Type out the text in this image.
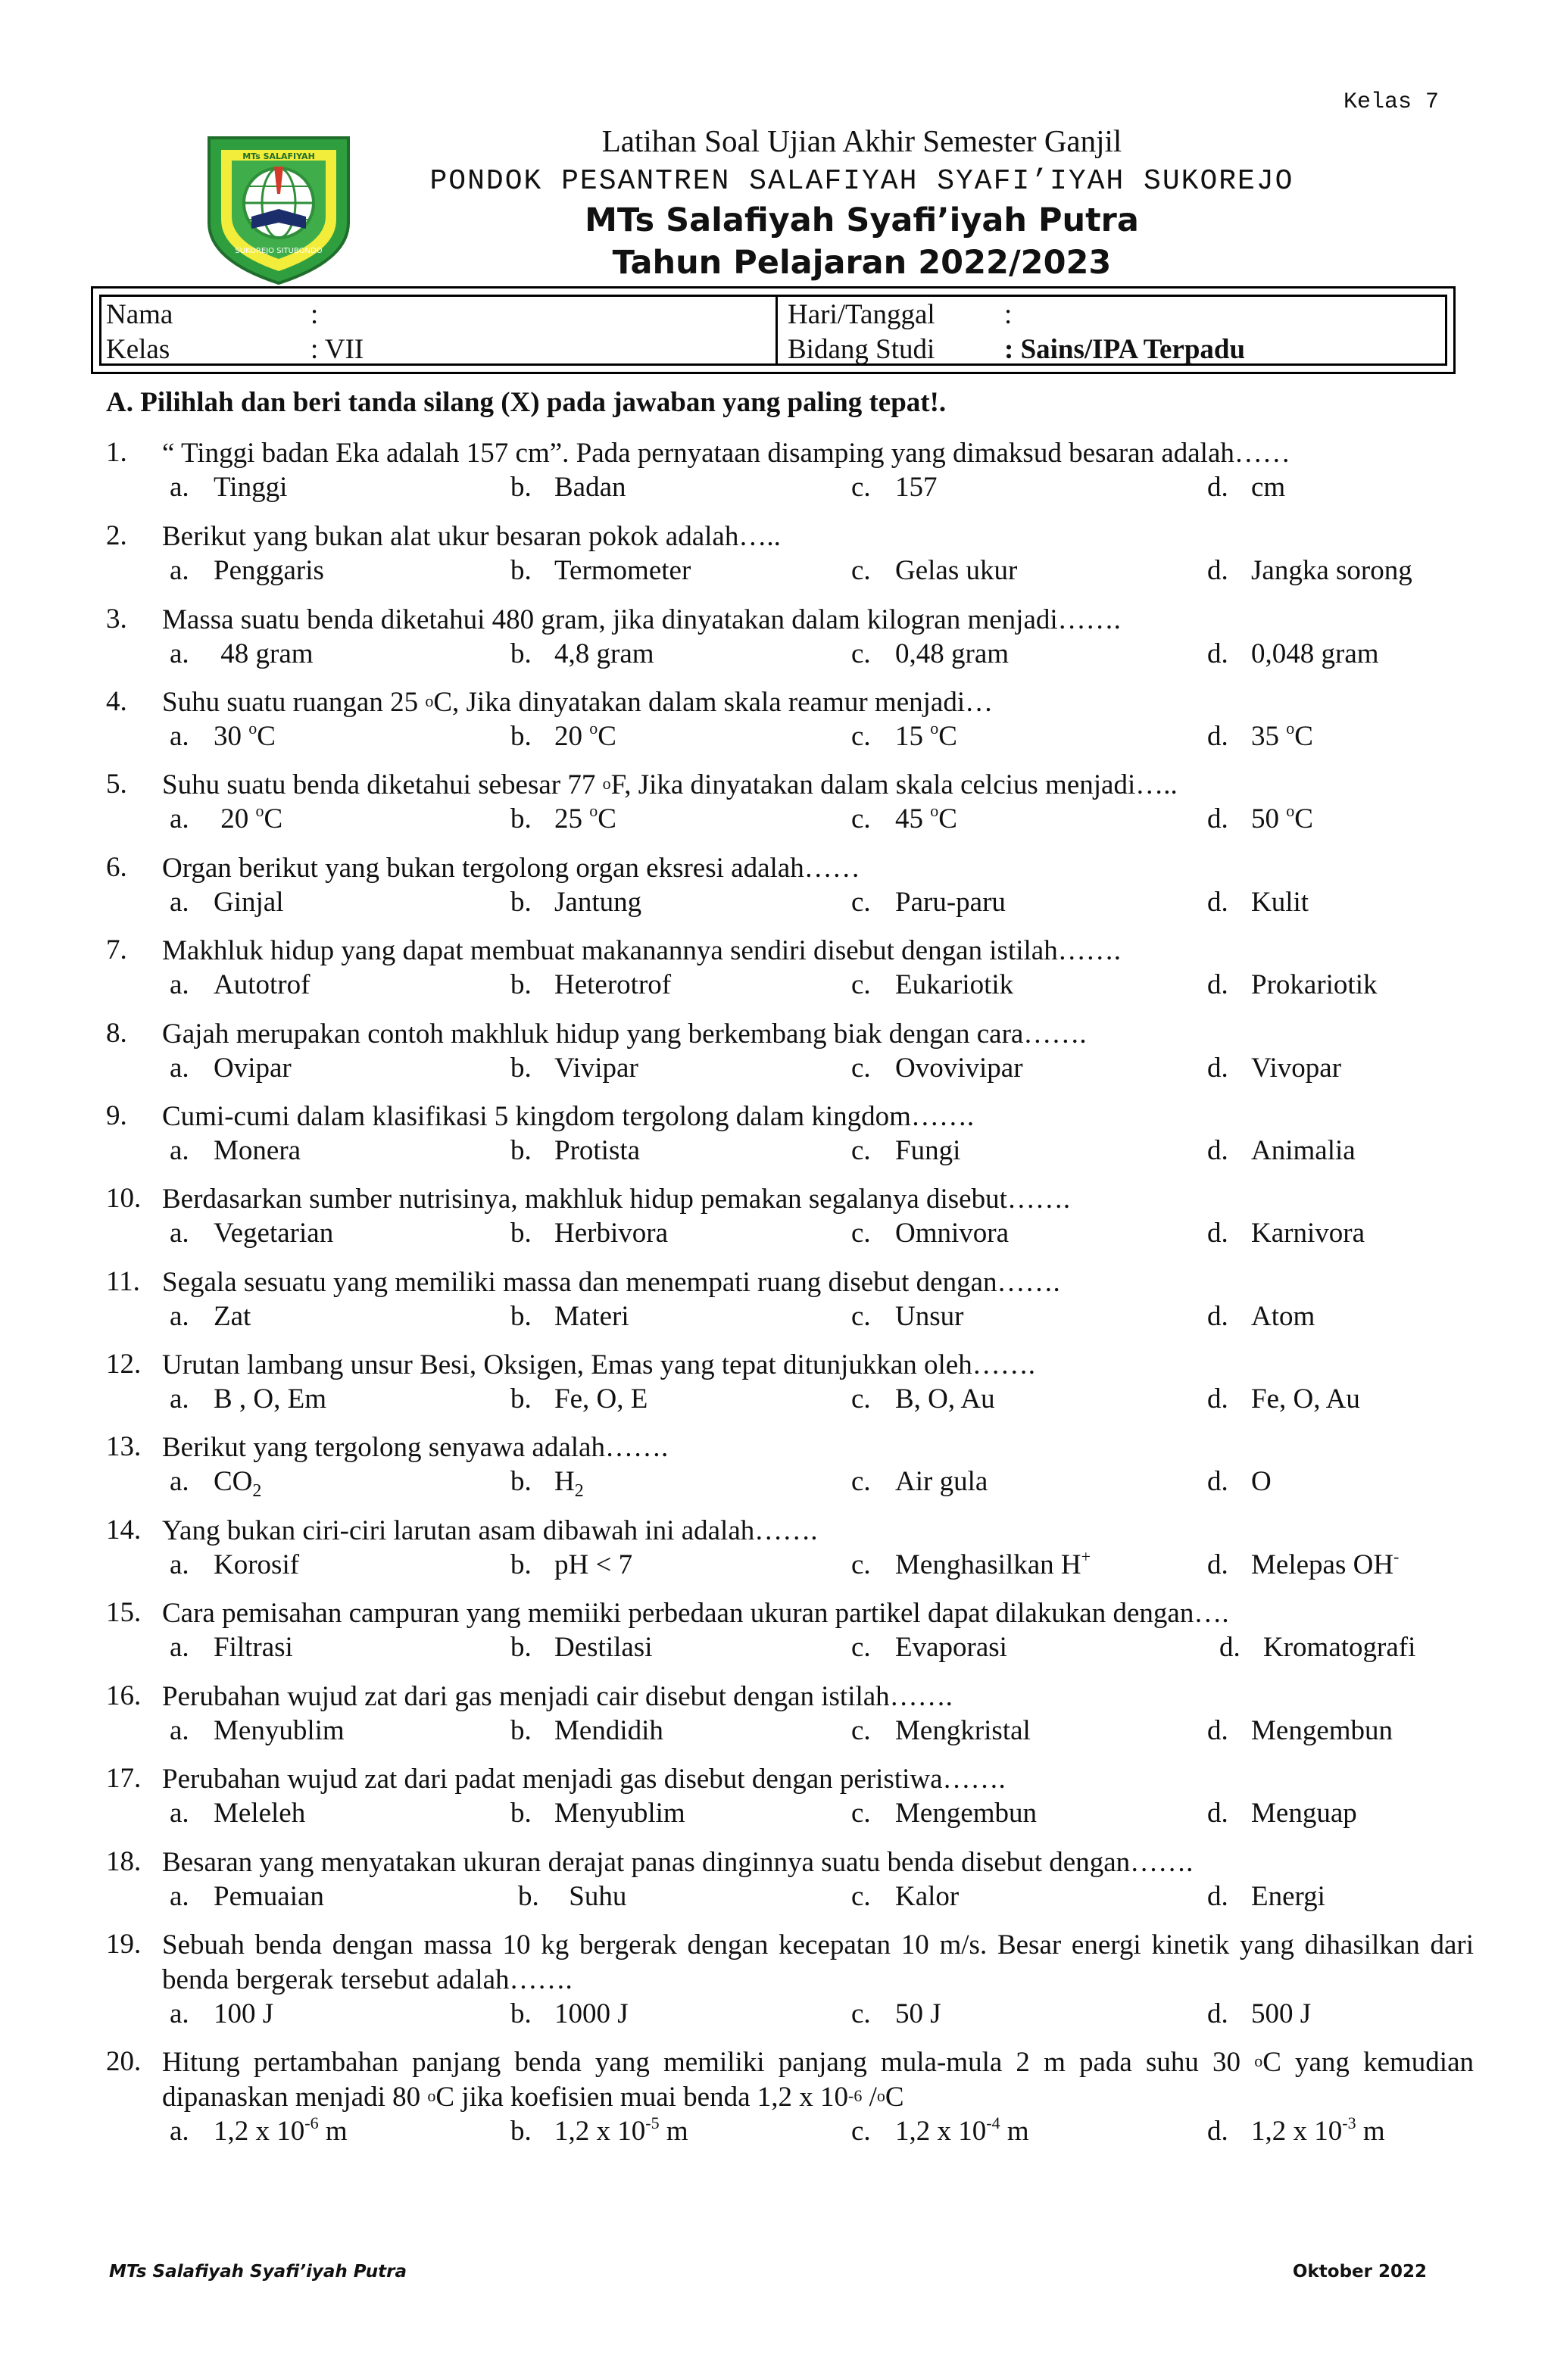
Kelas 7
MTs SALAFIYAH
SUKOREJO SITUBONDO
Latihan Soal Ujian Akhir Semester Ganjil
PONDOK PESANTREN SALAFIYAH SYAFI’IYAH SUKOREJO
MTs Salafiyah Syafi’iyah Putra
Tahun Pelajaran 2022/2023
Nama	:	Hari/Tanggal :
Kelas	: VII	Bidang Studi : Sains/IPA Terpadu
A. Pilihlah dan beri tanda silang (X) pada jawaban yang paling tepat!.
1. “ Tinggi badan Eka adalah 157 cm”. Pada pernyataan disamping yang dimaksud besaran adalah……
a. Tinggi	b. Badan	c. 157	d. cm
2. Berikut yang bukan alat ukur besaran pokok adalah…..
a. Penggaris	b. Termometer	c. Gelas ukur	d. Jangka sorong
3. Massa suatu benda diketahui 480 gram, jika dinyatakan dalam kilogran menjadi…….
a. 48 gram	b. 4,8 gram	c. 0,48 gram	d. 0,048 gram
4. Suhu suatu ruangan 25 $^o$C, Jika dinyatakan dalam skala reamur menjadi…
a. 30 $^o$C	b. 20 $^o$C	c. 15 $^o$C	d. 35 $^o$C
5. Suhu suatu benda diketahui sebesar 77 $^o$F, Jika dinyatakan dalam skala celcius menjadi…..
a. 20 $^o$C	b. 25 $^o$C	c. 45 $^o$C	d. 50 $^o$C
6. Organ berikut yang bukan tergolong organ eksresi adalah……
a. Ginjal	b. Jantung	c. Paru-paru	d. Kulit
7. Makhluk hidup yang dapat membuat makanannya sendiri disebut dengan istilah…….
a. Autotrof	b. Heterotrof	c. Eukariotik	d. Prokariotik
8. Gajah merupakan contoh makhluk hidup yang berkembang biak dengan cara…….
a. Ovipar	b. Vivipar	c. Ovovivipar	d. Vivopar
9. Cumi-cumi dalam klasifikasi 5 kingdom tergolong dalam kingdom…….
a. Monera	b. Protista	c. Fungi	d. Animalia
10. Berdasarkan sumber nutrisinya, makhluk hidup pemakan segalanya disebut…….
a. Vegetarian	b. Herbivora	c. Omnivora	d. Karnivora
11. Segala sesuatu yang memiliki massa dan menempati ruang disebut dengan…….
a. Zat	b. Materi	c. Unsur	d. Atom
12. Urutan lambang unsur Besi, Oksigen, Emas yang tepat ditunjukkan oleh…….
a. B , O, Em	b. Fe, O, E	c. B, O, Au	d. Fe, O, Au
13. Berikut yang tergolong senyawa adalah…….
a. $CO_2$	b. $H_2$	c. Air gula	d. O
14. Yang bukan ciri-ciri larutan asam dibawah ini adalah…….
a. Korosif	b. pH < 7	c. Menghasilkan H+	d. Melepas OH-
15. Cara pemisahan campuran yang memiiki perbedaan ukuran partikel dapat dilakukan dengan….
a. Filtrasi	b. Destilasi	c. Evaporasi	d. Kromatografi
16. Perubahan wujud zat dari gas menjadi cair disebut dengan istilah…….
a. Menyublim	b. Mendidih	c. Mengkristal	d. Mengembun
17. Perubahan wujud zat dari padat menjadi gas disebut dengan peristiwa…….
a. Meleleh	b. Menyublim	c. Mengembun	d. Menguap
18. Besaran yang menyatakan ukuran derajat panas dinginnya suatu benda disebut dengan…….
a. Pemuaian	b. Suhu	c. Kalor	d. Energi
19. Sebuah benda dengan massa 10 kg bergerak dengan kecepatan 10 m/s. Besar energi kinetik yang dihasilkan dari benda bergerak tersebut adalah…….
a. 100 J	b. 1000 J	c. 50 J	d. 500 J
20. Hitung pertambahan panjang benda yang memiliki panjang mula-mula 2 m pada suhu 30 $^o$C yang kemudian dipanaskan menjadi 80 $^o$C jika koefisien muai benda 1,2 x $10^{-6}$ /$^o$C
a. 1,2 x $10^{-6}$ m	b. 1,2 x $10^{-5}$ m	c. 1,2 x $10^{-4}$ m	d. 1,2 x $10^{-3}$ m
MTs Salafiyah Syafi’iyah Putra	Oktober 2022
